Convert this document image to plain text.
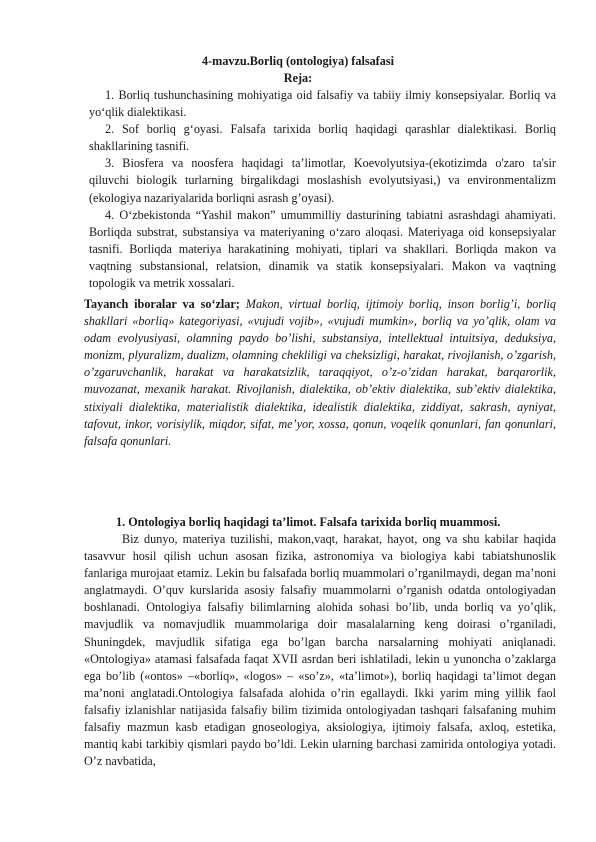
4-mavzu.Borliq (ontologiya) falsafasi
Reja:

1. Borliq tushunchasining mohiyatiga oid falsafiy va tabiiy ilmiy konsepsiyalar. Borliq va yo‘qlik dialektikasi.

2. Sof borliq g‘oyasi. Falsafa tarixida borliq haqidagi qarashlar dialektikasi. Borliq shakllarining tasnifi.

3. Biosfera va noosfera haqidagi ta’limotlar, Koevolyutsiya-(ekotizimda o'zaro ta'sir qiluvchi biologik turlarning birgalikdagi moslashish evolyutsiyasi,) va environmentalizm (ekologiya nazariyalarida borliqni asrash g’oyasi).

4. O‘zbekistonda “Yashil makon” umummilliy dasturining tabiatni asrashdagi ahamiyati. Borliqda substrat, substansiya va materiyaning o‘zaro aloqasi. Materiyaga oid konsepsiyalar tasnifi. Borliqda materiya harakatining mohiyati, tiplari va shakllari. Borliqda makon va vaqtning substansional, relatsion, dinamik va statik konsepsiyalari. Makon va vaqtning topologik va metrik xossalari.

Tayanch iboralar va so‘zlar; Makon, virtual borliq, ijtimoiy borliq, inson borlig’i, borliq shakllari «borliq» kategoriyasi, «vujudi vojib», «vujudi mumkin», borliq va yo’qlik, olam va odam evolyusiyasi, olamning paydo bo’lishi, substansiya, intellektual intuitsiya, deduksiya, monizm, plyuralizm, dualizm, olamning chekliligi va cheksizligi, harakat, rivojlanish, o’zgarish, o’zgaruvchanlik, harakat va harakatsizlik, taraqqiyot, o’z-o’zidan harakat, barqarorlik, muvozanat, mexanik harakat. Rivojlanish, dialektika, ob’ektiv dialektika, sub’ektiv dialektika, stixiyali dialektika, materialistik dialektika, idealistik dialektika, ziddiyat, sakrash, ayniyat, tafovut, inkor, vorisiylik, miqdor, sifat, me’yor, xossa, qonun, voqelik qonunlari, fan qonunlari, falsafa qonunlari.

1. Ontologiya borliq haqidagi ta’limot. Falsafa tarixida borliq muammosi.

Biz dunyo, materiya tuzilishi, makon,vaqt, harakat, hayot, ong va shu kabilar haqida tasavvur hosil qilish uchun asosan fizika, astronomiya va biologiya kabi tabiatshunoslik fanlariga murojaat etamiz. Lekin bu falsafada borliq muammolari o’rganilmaydi, degan ma’noni anglatmaydi. O’quv kurslarida asosiy falsafiy muammolarni o’rganish odatda ontologiyadan boshlanadi. Ontologiya falsafiy bilimlarning alohida sohasi bo’lib, unda borliq va yo’qlik, mavjudlik va nomavjudlik muammolariga doir masalalarning keng doirasi o’rganiladi, Shuningdek, mavjudlik sifatiga ega bo’lgan barcha narsalarning mohiyati aniqlanadi. «Ontologiya» atamasi falsafada faqat XVII asrdan beri ishlatiladi, lekin u yunoncha o’zaklarga ega bo’lib («ontos» –«borliq», «logos» – «so’z», «ta’limot»), borliq haqidagi ta’limot degan ma’noni anglatadi.Ontologiya falsafada alohida o’rin egallaydi. Ikki yarim ming yillik faol falsafiy izlanishlar natijasida falsafiy bilim tizimida ontologiyadan tashqari falsafaning muhim falsafiy mazmun kasb etadigan gnoseologiya, aksiologiya, ijtimoiy falsafa, axloq, estetika, mantiq kabi tarkibiy qismlari paydo bo’ldi. Lekin ularning barchasi zamirida ontologiya yotadi. O’z navbatida,
